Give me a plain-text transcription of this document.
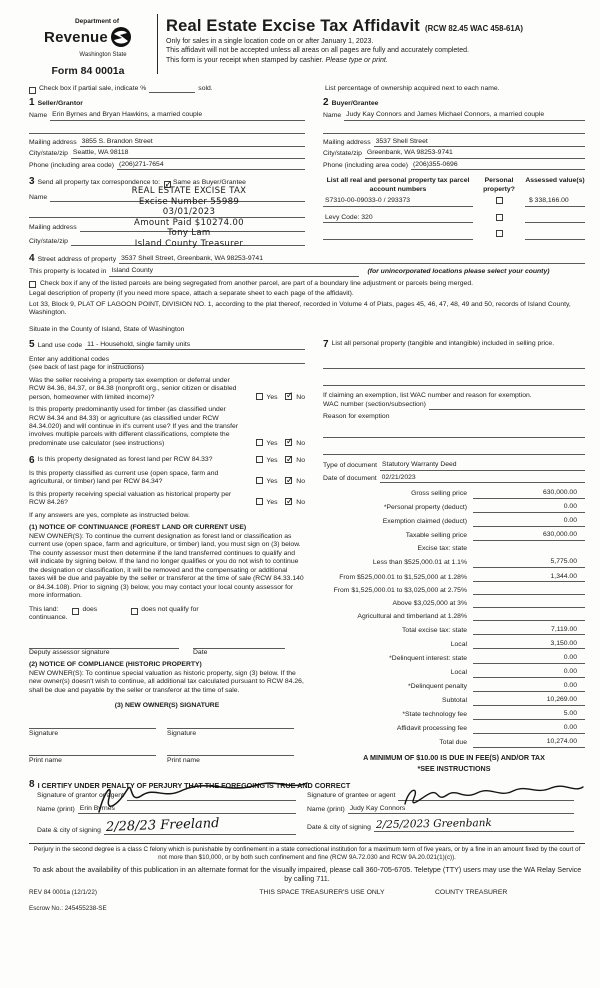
Department of
Revenue
Washington State
Form 84 0001a
Real Estate Excise Tax Affidavit (RCW 82.45 WAC 458-61A)
Only for sales in a single location code on or after January 1, 2023.
This affidavit will not be accepted unless all areas on all pages are fully and accurately completed.
This form is your receipt when stamped by cashier. Please type or print.
Check box if partial sale, indicate %	sold.	List percentage of ownership acquired next to each name.
1 Seller/Grantor
Name Erin Byrnes and Bryan Hawkins, a married couple
Mailing address 3855 S. Brandon Street
City/state/zip Seattle, WA 98118
Phone (including area code) (206)271-7654
2 Buyer/Grantee
Name Judy Kay Connors and James Michael Connors, a married couple
Mailing address 3537 Shell Street
City/state/zip Greenbank, WA 98253-9741
Phone (including area code) (206)355-0696
3 Send all property tax correspondence to: ✓ Same as Buyer/Grantee
REAL ESTATE EXCISE TAX
Excise Number 55989
03/01/2023
Amount Paid $10274.00
Tony Lam
Island County Treasurer
Name
Mailing address
City/state/zip
List all real and personal property tax parcel account numbers
Personal property?
Assessed value(s)
S7310-00-09033-0 / 293373	$ 338,166.00
Levy Code: 320
4 Street address of property 3537 Shell Street, Greenbank, WA 98253-9741
This property is located in Island County	(for unincorporated locations please select your county)
Check box if any of the listed parcels are being segregated from another parcel, are part of a boundary line adjustment or parcels being merged.
Legal description of property (if you need more space, attach a separate sheet to each page of the affidavit).
Lot 33, Block 9, PLAT OF LAGOON POINT, DIVISION NO. 1, according to the plat thereof, recorded in Volume 4 of Plats, pages 45, 46, 47, 48, 49 and 50, records of Island County, Washington.
Situate in the County of Island, State of Washington
5 Land use code 11 - Household, single family units
Enter any additional codes
(see back of last page for instructions)
Was the seller receiving a property tax exemption or deferral under RCW 84.36, 84.37, or 84.38 (nonprofit org., senior citizen or disabled person, homeowner with limited income)?	Yes ✓	No
Is this property predominantly used for timber (as classified under RCW 84.34 and 84.33) or agriculture (as classified under RCW 84.34.020) and will continue in it's current use? If yes and the transfer involves multiple parcels with different classifications, complete the predominate use calculator (see instructions)	Yes ✓	No
6 Is this property designated as forest land per RCW 84.33?	Yes ✓	No
Is this property classified as current use (open space, farm and agricultural, or timber) land per RCW 84.34?	Yes ✓	No
Is this property receiving special valuation as historical property per RCW 84.26?	Yes ✓	No
If any answers are yes, complete as instructed below.
(1) NOTICE OF CONTINUANCE (FOREST LAND OR CURRENT USE)
NEW OWNER(S): To continue the current designation as forest land or classification as current use (open space, farm and agriculture, or timber) land, you must sign on (3) below. The county assessor must then determine if the land transferred continues to qualify and will indicate by signing below. If the land no longer qualifies or you do not wish to continue the designation or classification, it will be removed and the compensating or additional taxes will be due and payable by the seller or transferor at the time of sale (RCW 84.33.140 or 84.34.108). Prior to signing (3) below, you may contact your local county assessor for more information.
This land:	does	does not qualify for
continuance.
Deputy assessor signature	Date
(2) NOTICE OF COMPLIANCE (HISTORIC PROPERTY)
NEW OWNER(S): To continue special valuation as historic property, sign (3) below. If the new owner(s) doesn't wish to continue, all additional tax calculated pursuant to RCW 84.26, shall be due and payable by the seller or transferor at the time of sale.
(3) NEW OWNER(S) SIGNATURE
Signature
Print name
Signature
Print name
7 List all personal property (tangible and intangible) included in selling price.
If claiming an exemption, list WAC number and reason for exemption.
WAC number (section/subsection)
Reason for exemption
Type of document Statutory Warranty Deed
Date of document 02/21/2023
Gross selling price	630,000.00
*Personal property (deduct)	0.00
Exemption claimed (deduct)	0.00
Taxable selling price	630,000.00
Excise tax: state
Less than $525,000.01 at 1.1%	5,775.00
From $525,000.01 to $1,525,000 at 1.28%	1,344.00
From $1,525,000.01 to $3,025,000 at 2.75%
Above $3,025,000 at 3%
Agricultural and timberland at 1.28%
Total excise tax: state	7,119.00
Local	3,150.00
*Delinquent interest: state	0.00
Local	0.00
*Delinquent penalty	0.00
Subtotal	10,269.00
*State technology fee	5.00
Affidavit processing fee	0.00
Total due	10,274.00
A MINIMUM OF $10.00 IS DUE IN FEE(S) AND/OR TAX
*SEE INSTRUCTIONS
8 I CERTIFY UNDER PENALTY OF PERJURY THAT THE FOREGOING IS TRUE AND CORRECT
Signature of grantor or agent
Name (print) Erin Byrnes
Date & city of signing 2/28/23 Freeland
Signature of grantee or agent
Name (print) Judy Kay Connors
Date & city of signing 2/25/2023 Greenbank
Perjury in the second degree is a class C felony which is punishable by confinement in a state correctional institution for a maximum term of five years, or by a fine in an amount fixed by the court of not more than $10,000, or by both such confinement and fine (RCW 9A.72.030 and RCW 9A.20.021(1)(c)).
To ask about the availability of this publication in an alternate format for the visually impaired, please call 360-705-6705. Teletype (TTY) users may use the WA Relay Service by calling 711.
REV 84 0001a (12/1/22)	THIS SPACE TREASURER'S USE ONLY	COUNTY TREASURER
Escrow No.: 245455238-SE
